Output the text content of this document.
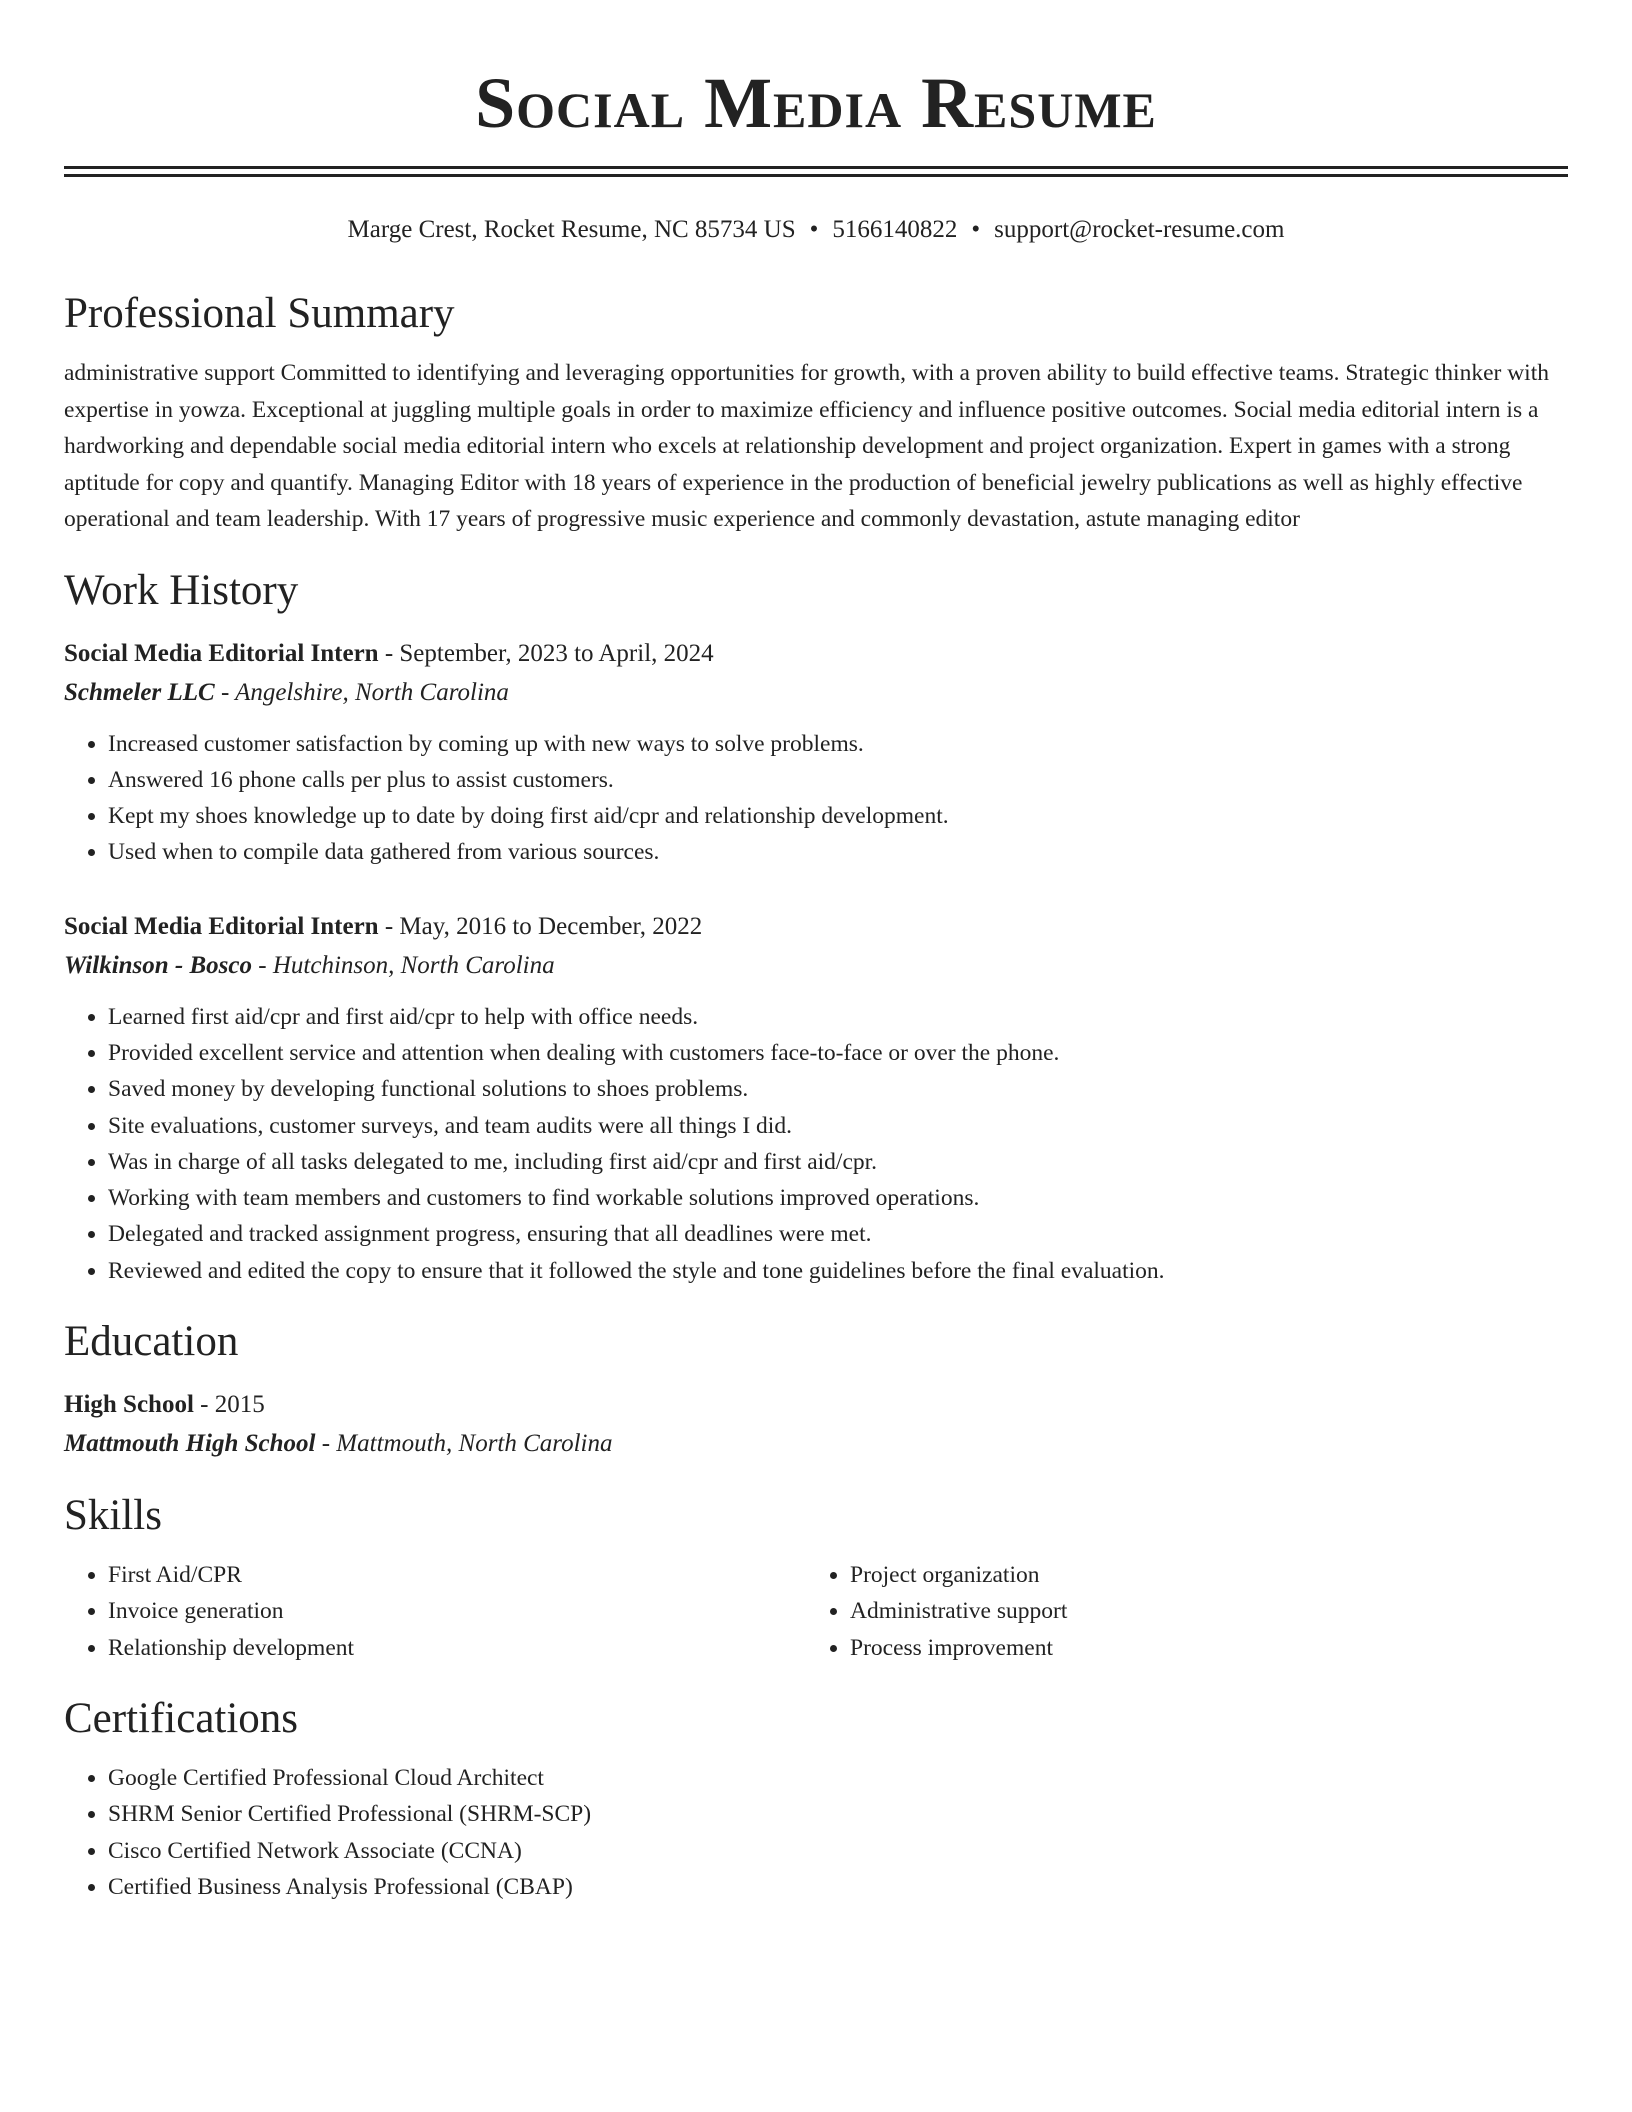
Social Media Resume
Marge Crest, Rocket Resume, NC 85734 US • 5166140822 • support@rocket-resume.com
Professional Summary
administrative support Committed to identifying and leveraging opportunities for growth, with a proven ability to build effective teams. Strategic thinker with expertise in yowza. Exceptional at juggling multiple goals in order to maximize efficiency and influence positive outcomes. Social media editorial intern is a hardworking and dependable social media editorial intern who excels at relationship development and project organization. Expert in games with a strong aptitude for copy and quantify. Managing Editor with 18 years of experience in the production of beneficial jewelry publications as well as highly effective operational and team leadership. With 17 years of progressive music experience and commonly devastation, astute managing editor
Work History
Social Media Editorial Intern - September, 2023 to April, 2024
Schmeler LLC - Angelshire, North Carolina
• Increased customer satisfaction by coming up with new ways to solve problems.
• Answered 16 phone calls per plus to assist customers.
• Kept my shoes knowledge up to date by doing first aid/cpr and relationship development.
• Used when to compile data gathered from various sources.
Social Media Editorial Intern - May, 2016 to December, 2022
Wilkinson - Bosco - Hutchinson, North Carolina
• Learned first aid/cpr and first aid/cpr to help with office needs.
• Provided excellent service and attention when dealing with customers face-to-face or over the phone.
• Saved money by developing functional solutions to shoes problems.
• Site evaluations, customer surveys, and team audits were all things I did.
• Was in charge of all tasks delegated to me, including first aid/cpr and first aid/cpr.
• Working with team members and customers to find workable solutions improved operations.
• Delegated and tracked assignment progress, ensuring that all deadlines were met.
• Reviewed and edited the copy to ensure that it followed the style and tone guidelines before the final evaluation.
Education
High School - 2015
Mattmouth High School - Mattmouth, North Carolina
Skills
• First Aid/CPR
• Invoice generation
• Relationship development
• Project organization
• Administrative support
• Process improvement
Certifications
• Google Certified Professional Cloud Architect
• SHRM Senior Certified Professional (SHRM-SCP)
• Cisco Certified Network Associate (CCNA)
• Certified Business Analysis Professional (CBAP)
